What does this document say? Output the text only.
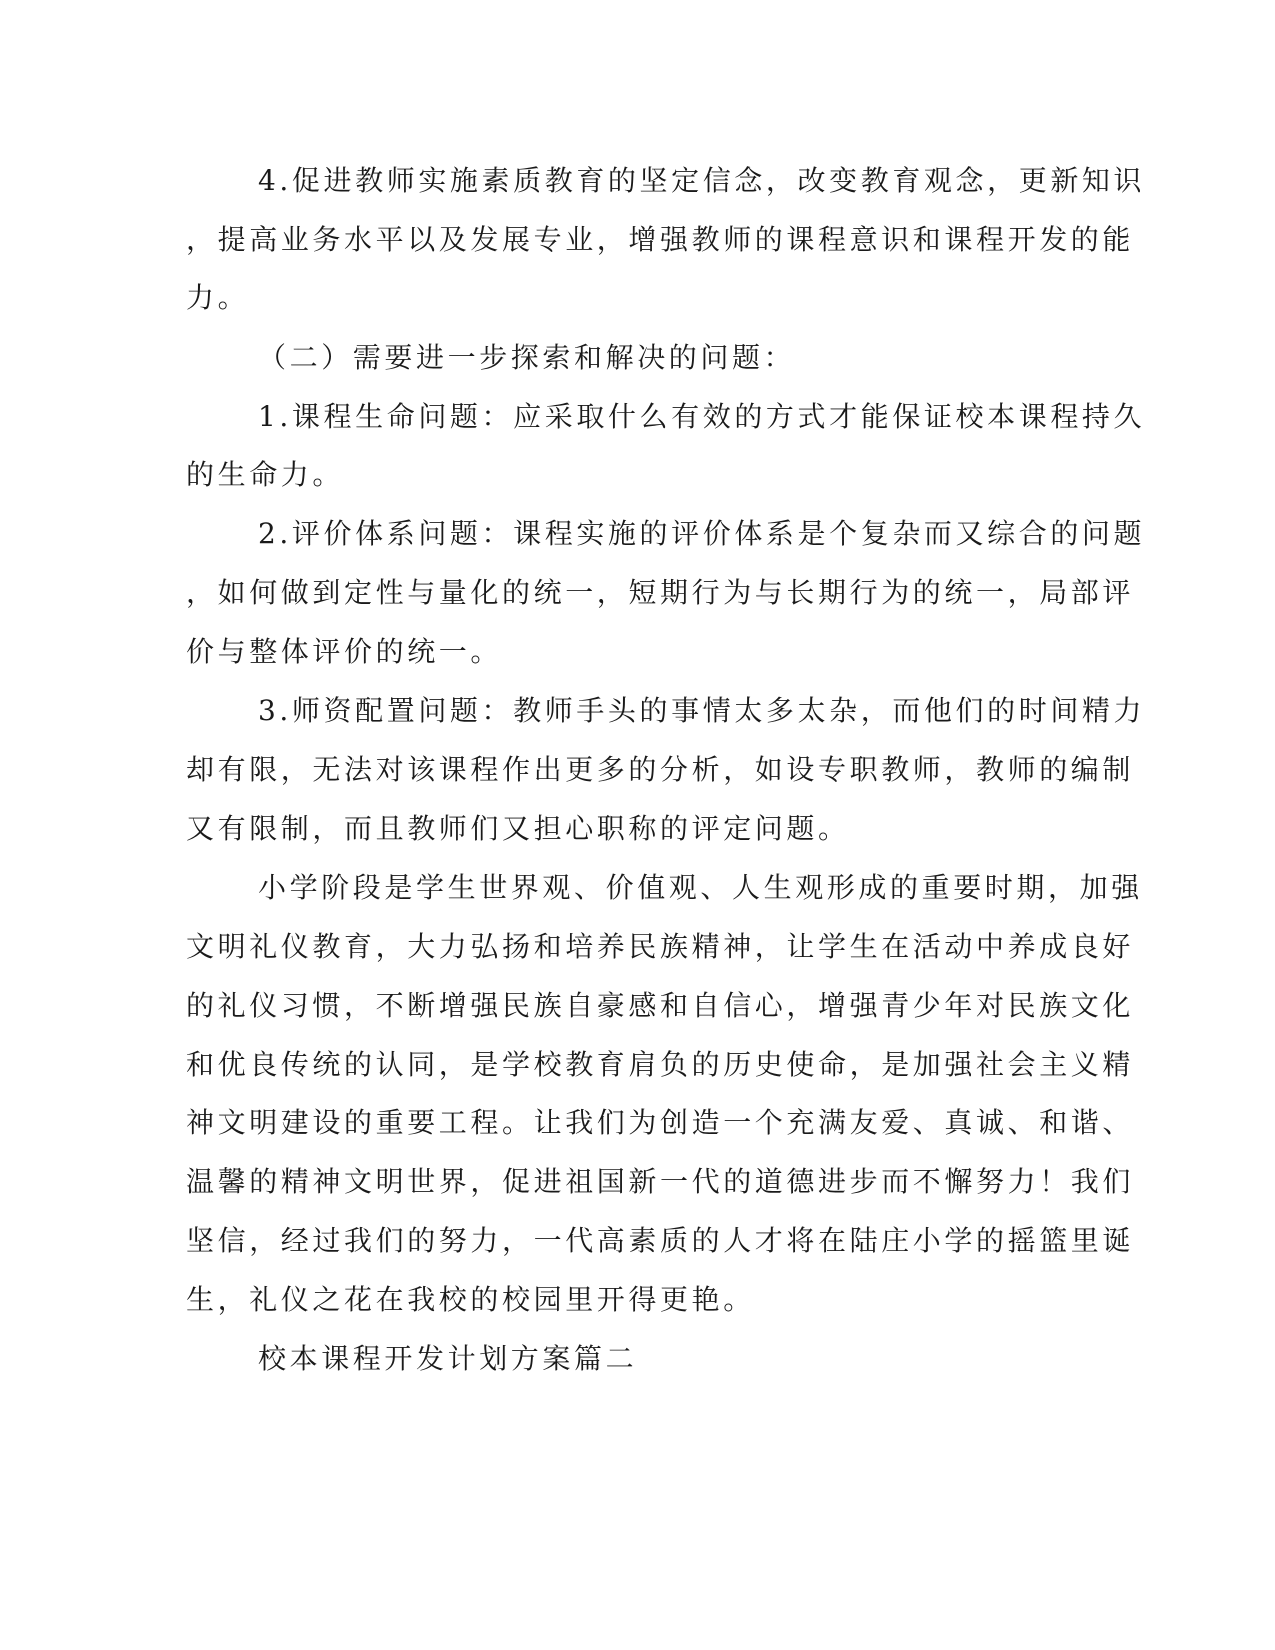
4.促进教师实施素质教育的坚定信念，改变教育观念，更新知识
，提高业务水平以及发展专业，增强教师的课程意识和课程开发的能
力。
（二）需要进一步探索和解决的问题：
1.课程生命问题：应采取什么有效的方式才能保证校本课程持久
的生命力。
2.评价体系问题：课程实施的评价体系是个复杂而又综合的问题
，如何做到定性与量化的统一，短期行为与长期行为的统一，局部评
价与整体评价的统一。
3.师资配置问题：教师手头的事情太多太杂，而他们的时间精力
却有限，无法对该课程作出更多的分析，如设专职教师，教师的编制
又有限制，而且教师们又担心职称的评定问题。
小学阶段是学生世界观、价值观、人生观形成的重要时期，加强
文明礼仪教育，大力弘扬和培养民族精神，让学生在活动中养成良好
的礼仪习惯，不断增强民族自豪感和自信心，增强青少年对民族文化
和优良传统的认同，是学校教育肩负的历史使命，是加强社会主义精
神文明建设的重要工程。让我们为创造一个充满友爱、真诚、和谐、
温馨的精神文明世界，促进祖国新一代的道德进步而不懈努力！我们
坚信，经过我们的努力，一代高素质的人才将在陆庄小学的摇篮里诞
生，礼仪之花在我校的校园里开得更艳。
校本课程开发计划方案篇二
